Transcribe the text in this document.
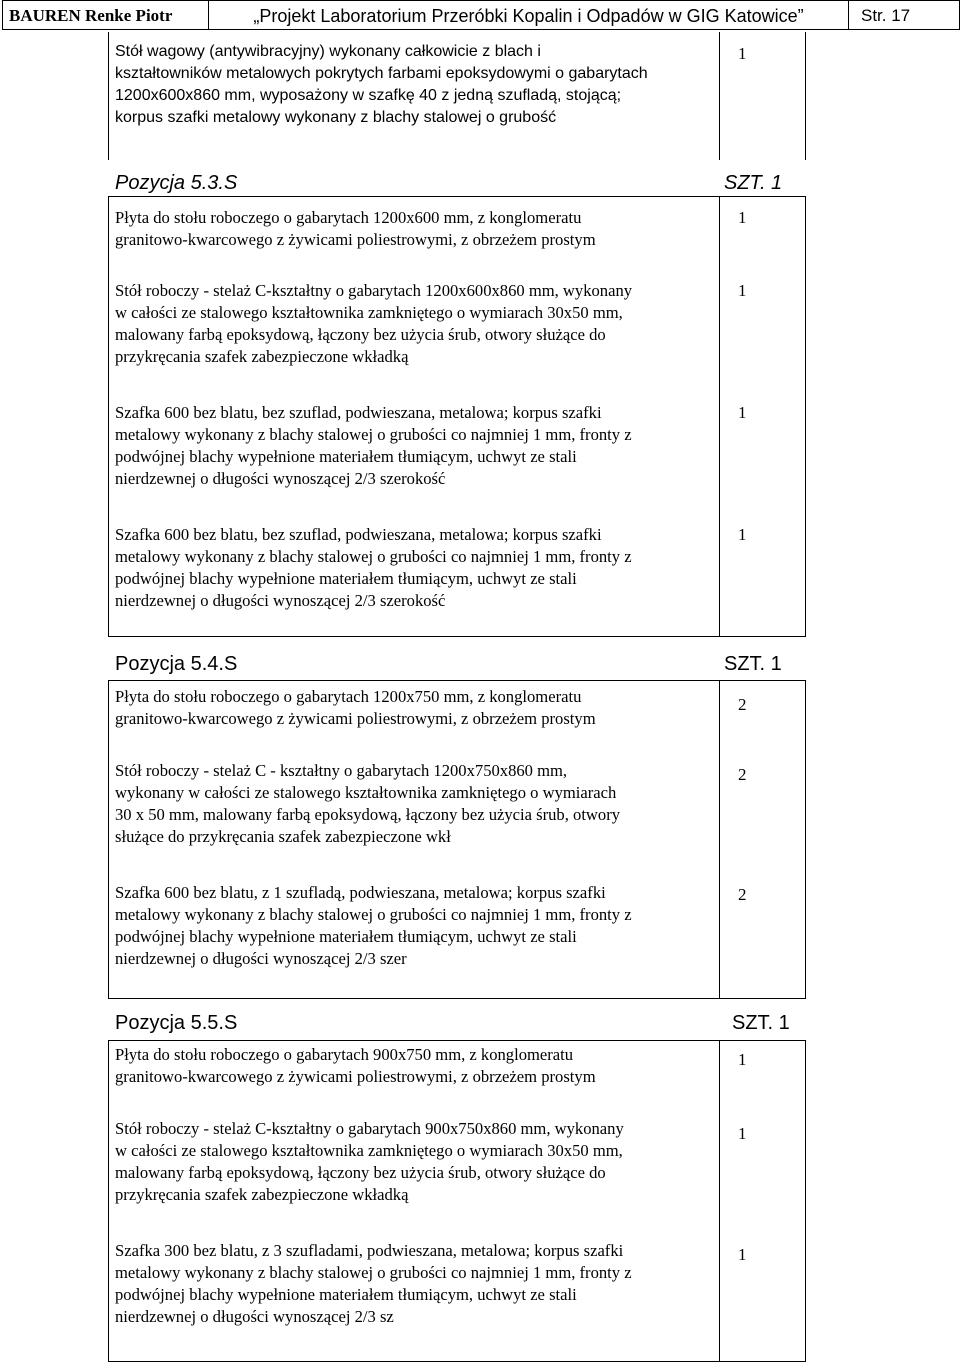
BAUREN Renke Piotr	„Projekt Laboratorium Przeróbki Kopalin i Odpadów w GIG Katowice”	Str. 17
Stół wagowy (antywibracyjny) wykonany całkowicie z blach i
kształtowników metalowych pokrytych farbami epoksydowymi o gabarytach
1200x600x860 mm, wyposażony w szafkę 40 z jedną szufladą, stojącą;
korpus szafki metalowy wykonany z blachy stalowej o grubość
1
Pozycja 5.3.S	SZT. 1
Płyta do stołu roboczego o gabarytach 1200x600 mm, z konglomeratu
granitowo-kwarcowego z żywicami poliestrowymi, z obrzeżem prostym
1
Stół roboczy - stelaż C-kształtny o gabarytach 1200x600x860 mm, wykonany
w całości ze stalowego kształtownika zamkniętego o wymiarach 30x50 mm,
malowany farbą epoksydową, łączony bez użycia śrub, otwory służące do
przykręcania szafek zabezpieczone wkładką
1
Szafka 600 bez blatu, bez szuflad, podwieszana, metalowa; korpus szafki
metalowy wykonany z blachy stalowej o grubości co najmniej 1 mm, fronty z
podwójnej blachy wypełnione materiałem tłumiącym, uchwyt ze stali
nierdzewnej o długości wynoszącej 2/3 szerokość
1
Szafka 600 bez blatu, bez szuflad, podwieszana, metalowa; korpus szafki
metalowy wykonany z blachy stalowej o grubości co najmniej 1 mm, fronty z
podwójnej blachy wypełnione materiałem tłumiącym, uchwyt ze stali
nierdzewnej o długości wynoszącej 2/3 szerokość
1
Pozycja 5.4.S	SZT. 1
Płyta do stołu roboczego o gabarytach 1200x750 mm, z konglomeratu
granitowo-kwarcowego z żywicami poliestrowymi, z obrzeżem prostym
2
Stół roboczy - stelaż C - kształtny o gabarytach 1200x750x860 mm,
wykonany w całości ze stalowego kształtownika zamkniętego o wymiarach
30 x 50 mm, malowany farbą epoksydową, łączony bez użycia śrub, otwory
służące do przykręcania szafek zabezpieczone wkł
2
Szafka 600 bez blatu, z 1 szufladą, podwieszana, metalowa; korpus szafki
metalowy wykonany z blachy stalowej o grubości co najmniej 1 mm, fronty z
podwójnej blachy wypełnione materiałem tłumiącym, uchwyt ze stali
nierdzewnej o długości wynoszącej 2/3 szer
2
Pozycja 5.5.S	SZT. 1
Płyta do stołu roboczego o gabarytach 900x750 mm, z konglomeratu
granitowo-kwarcowego z żywicami poliestrowymi, z obrzeżem prostym
1
Stół roboczy - stelaż C-kształtny o gabarytach 900x750x860 mm, wykonany
w całości ze stalowego kształtownika zamkniętego o wymiarach 30x50 mm,
malowany farbą epoksydową, łączony bez użycia śrub, otwory służące do
przykręcania szafek zabezpieczone wkładką
1
Szafka 300 bez blatu, z 3 szufladami, podwieszana, metalowa; korpus szafki
metalowy wykonany z blachy stalowej o grubości co najmniej 1 mm, fronty z
podwójnej blachy wypełnione materiałem tłumiącym, uchwyt ze stali
nierdzewnej o długości wynoszącej 2/3 sz
1
